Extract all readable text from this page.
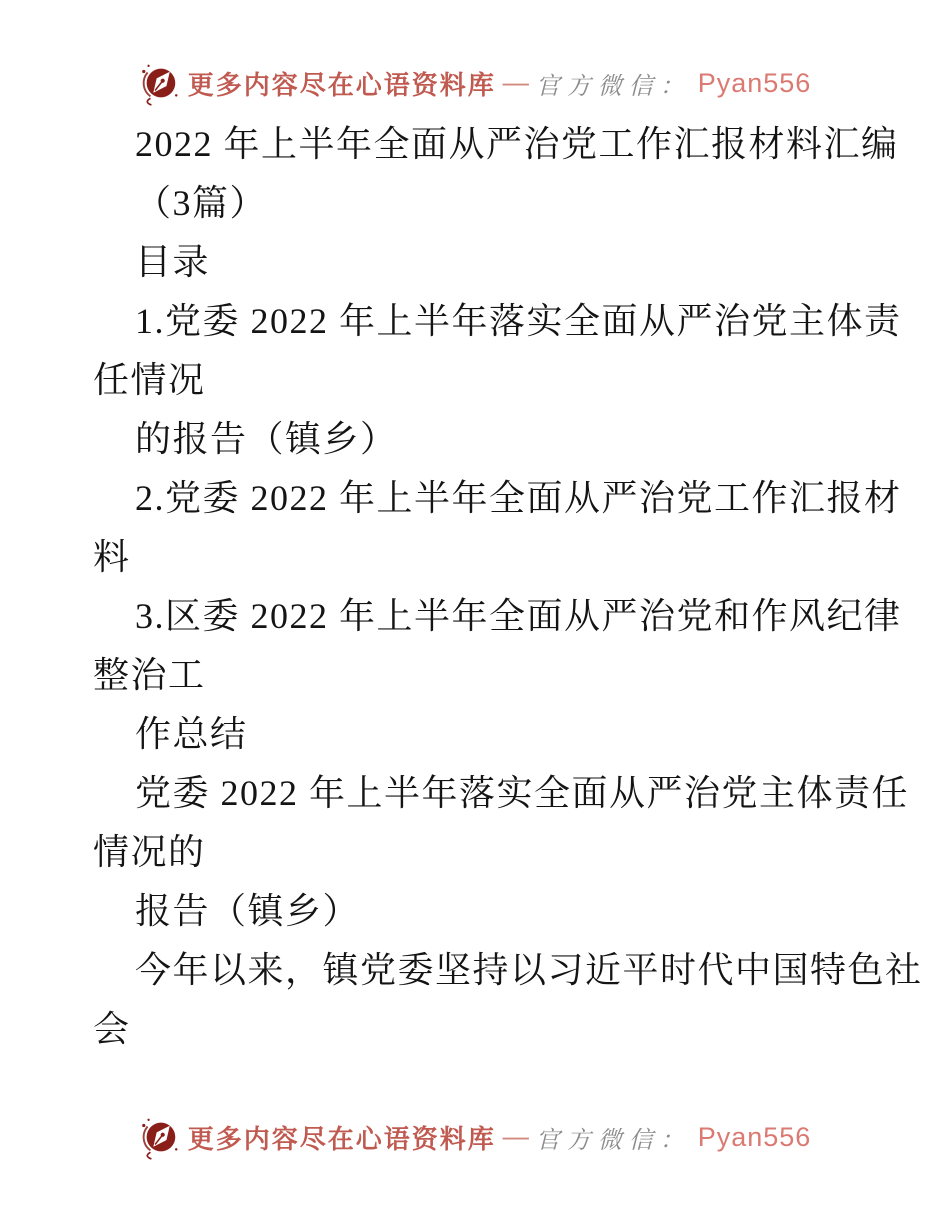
更多内容尽在心语资料库 — 官方微信： Pyan556

2022 年上半年全面从严治党工作汇报材料汇编

（3篇）

目录

1.党委 2022 年上半年落实全面从严治党主体责

任情况

的报告（镇乡）

2.党委 2022 年上半年全面从严治党工作汇报材

料

3.区委 2022 年上半年全面从严治党和作风纪律

整治工

作总结

党委 2022 年上半年落实全面从严治党主体责任

情况的

报告（镇乡）

今年以来，镇党委坚持以习近平时代中国特色社

会

更多内容尽在心语资料库 — 官方微信： Pyan556
